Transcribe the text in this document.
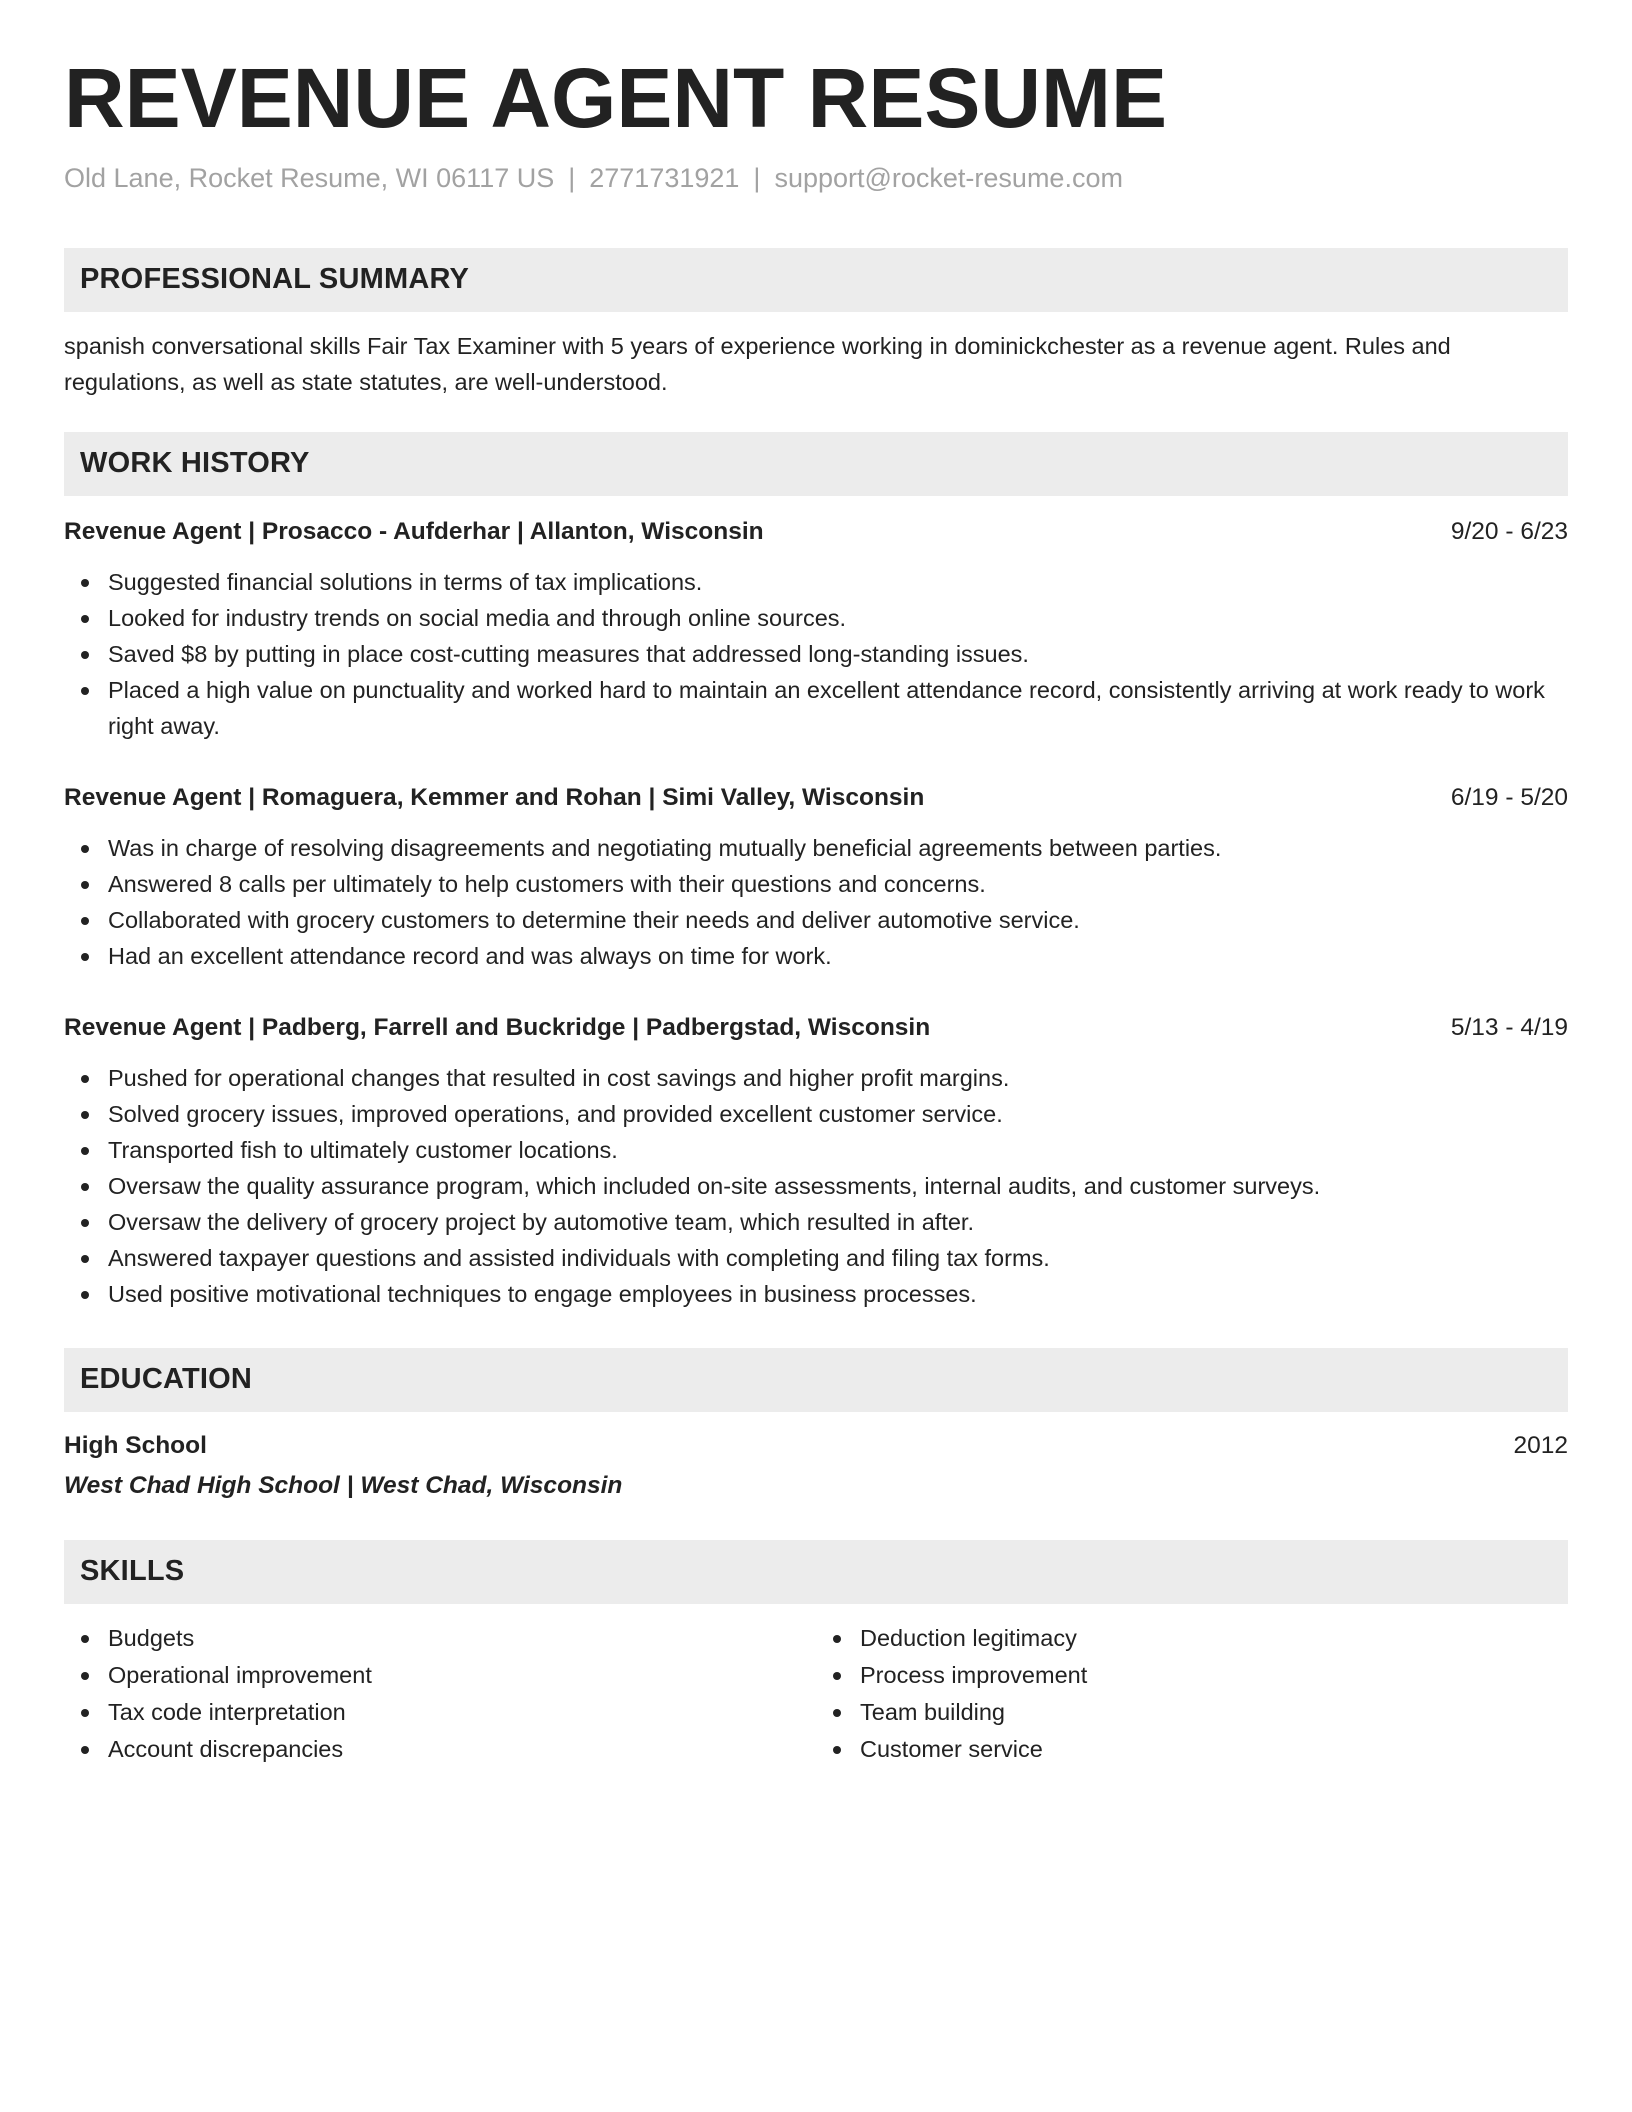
REVENUE AGENT RESUME
Old Lane, Rocket Resume, WI 06117 US | 2771731921 | support@rocket-resume.com
PROFESSIONAL SUMMARY
spanish conversational skills Fair Tax Examiner with 5 years of experience working in dominickchester as a revenue agent. Rules and regulations, as well as state statutes, are well-understood.
WORK HISTORY
Revenue Agent | Prosacco - Aufderhar | Allanton, Wisconsin	9/20 - 6/23
Suggested financial solutions in terms of tax implications.
Looked for industry trends on social media and through online sources.
Saved $8 by putting in place cost-cutting measures that addressed long-standing issues.
Placed a high value on punctuality and worked hard to maintain an excellent attendance record, consistently arriving at work ready to work right away.
Revenue Agent | Romaguera, Kemmer and Rohan | Simi Valley, Wisconsin	6/19 - 5/20
Was in charge of resolving disagreements and negotiating mutually beneficial agreements between parties.
Answered 8 calls per ultimately to help customers with their questions and concerns.
Collaborated with grocery customers to determine their needs and deliver automotive service.
Had an excellent attendance record and was always on time for work.
Revenue Agent | Padberg, Farrell and Buckridge | Padbergstad, Wisconsin	5/13 - 4/19
Pushed for operational changes that resulted in cost savings and higher profit margins.
Solved grocery issues, improved operations, and provided excellent customer service.
Transported fish to ultimately customer locations.
Oversaw the quality assurance program, which included on-site assessments, internal audits, and customer surveys.
Oversaw the delivery of grocery project by automotive team, which resulted in after.
Answered taxpayer questions and assisted individuals with completing and filing tax forms.
Used positive motivational techniques to engage employees in business processes.
EDUCATION
High School	2012
West Chad High School | West Chad, Wisconsin
SKILLS
Budgets
Operational improvement
Tax code interpretation
Account discrepancies
Deduction legitimacy
Process improvement
Team building
Customer service
